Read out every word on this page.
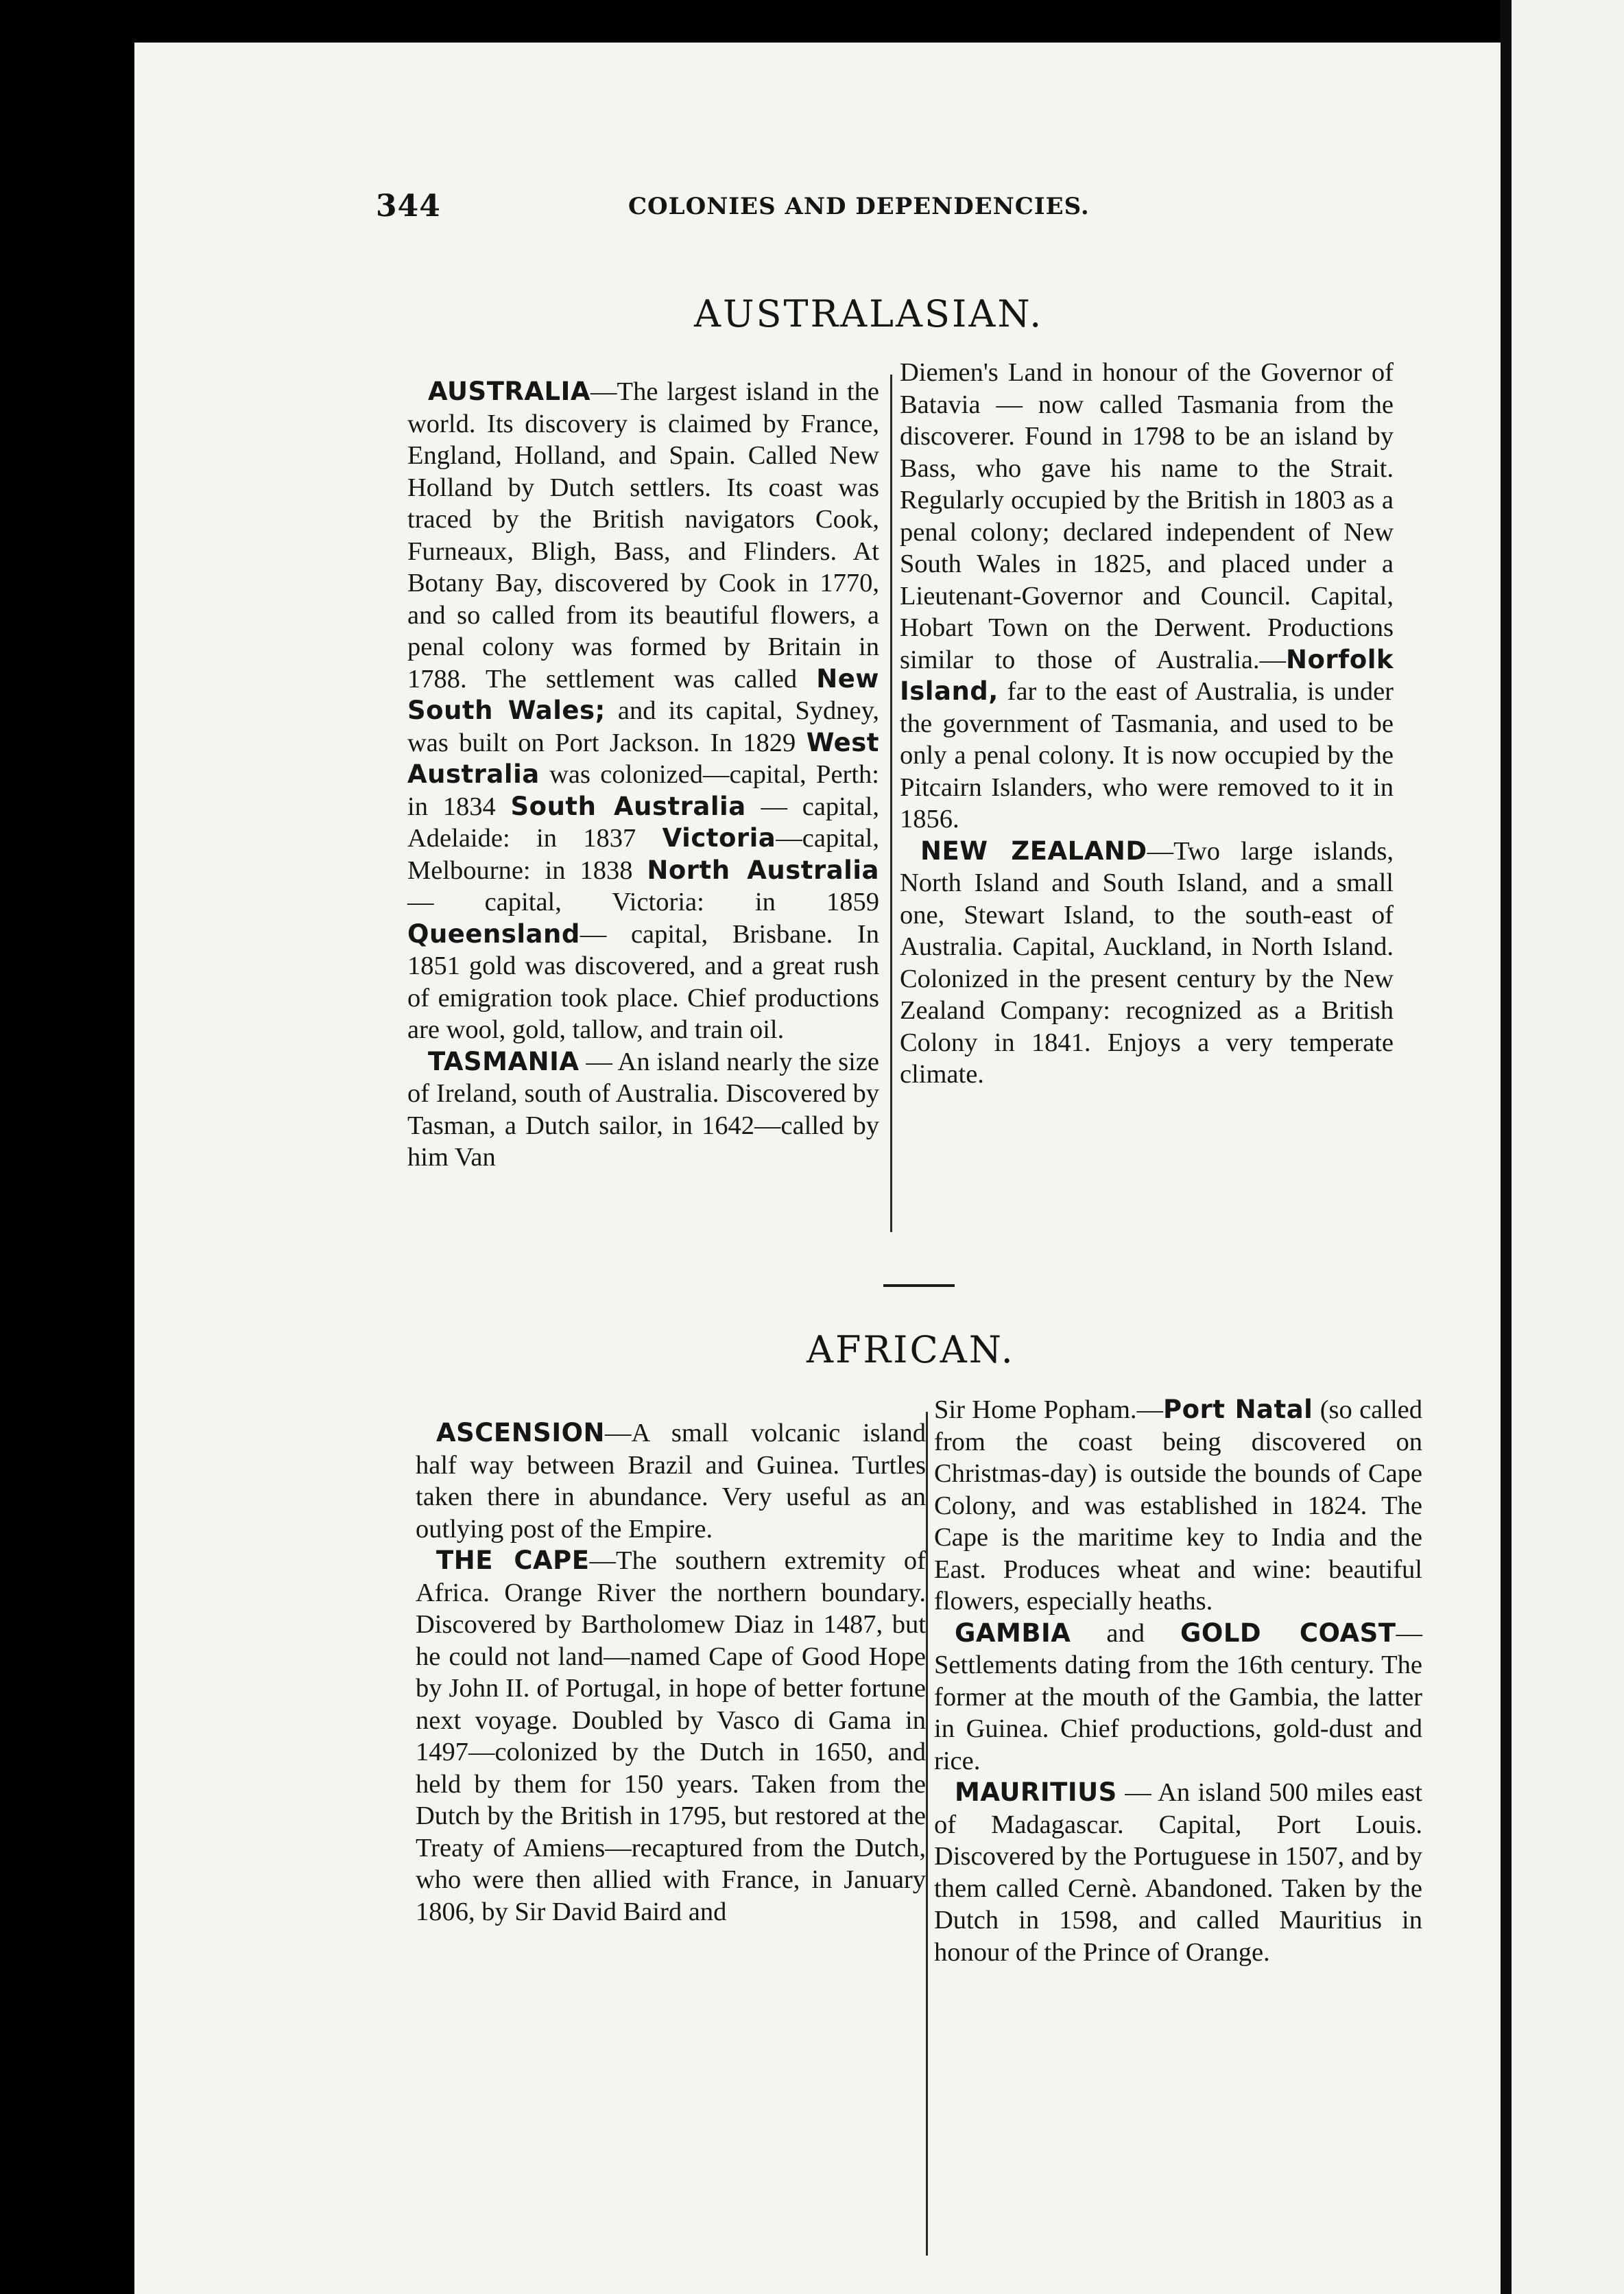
344	COLONIES AND DEPENDENCIES.
AUSTRALASIAN.

AUSTRALIA—The largest island in the world. Its discovery is claimed by France, England, Holland, and Spain. Called New Holland by Dutch settlers. Its coast was traced by the British navigators Cook, Furneaux, Bligh, Bass, and Flinders. At Botany Bay, discovered by Cook in 1770, and so called from its beautiful flowers, a penal colony was formed by Britain in 1788. The settlement was called New South Wales; and its capital, Sydney, was built on Port Jackson. In 1829 West Australia was colonized—capital, Perth: in 1834 South Australia — capital, Adelaide: in 1837 Victoria—capital, Melbourne: in 1838 North Australia — capital, Victoria: in 1859 Queensland— capital, Brisbane. In 1851 gold was discovered, and a great rush of emigration took place. Chief productions are wool, gold, tallow, and train oil.

TASMANIA — An island nearly the size of Ireland, south of Australia. Discovered by Tasman, a Dutch sailor, in 1642—called by him Van

Diemen's Land in honour of the Governor of Batavia — now called Tasmania from the discoverer. Found in 1798 to be an island by Bass, who gave his name to the Strait. Regularly occupied by the British in 1803 as a penal colony; declared independent of New South Wales in 1825, and placed under a Lieutenant-Governor and Council. Capital, Hobart Town on the Derwent. Productions similar to those of Australia.—Norfolk Island, far to the east of Australia, is under the government of Tasmania, and used to be only a penal colony. It is now occupied by the Pitcairn Islanders, who were removed to it in 1856.

NEW ZEALAND—Two large islands, North Island and South Island, and a small one, Stewart Island, to the south-east of Australia. Capital, Auckland, in North Island. Colonized in the present century by the New Zealand Company: recognized as a British Colony in 1841. Enjoys a very temperate climate.

AFRICAN.

ASCENSION—A small volcanic island half way between Brazil and Guinea. Turtles taken there in abundance. Very useful as an outlying post of the Empire.

THE CAPE—The southern extremity of Africa. Orange River the northern boundary. Discovered by Bartholomew Diaz in 1487, but he could not land—named Cape of Good Hope by John II. of Portugal, in hope of better fortune next voyage. Doubled by Vasco di Gama in 1497—colonized by the Dutch in 1650, and held by them for 150 years. Taken from the Dutch by the British in 1795, but restored at the Treaty of Amiens—recaptured from the Dutch, who were then allied with France, in January 1806, by Sir David Baird and

Sir Home Popham.—Port Natal (so called from the coast being discovered on Christmas-day) is outside the bounds of Cape Colony, and was established in 1824. The Cape is the maritime key to India and the East. Produces wheat and wine: beautiful flowers, especially heaths.

GAMBIA and GOLD COAST— Settlements dating from the 16th century. The former at the mouth of the Gambia, the latter in Guinea. Chief productions, gold-dust and rice.

MAURITIUS — An island 500 miles east of Madagascar. Capital, Port Louis. Discovered by the Portuguese in 1507, and by them called Cernè. Abandoned. Taken by the Dutch in 1598, and called Mauritius in honour of the Prince of Orange.
